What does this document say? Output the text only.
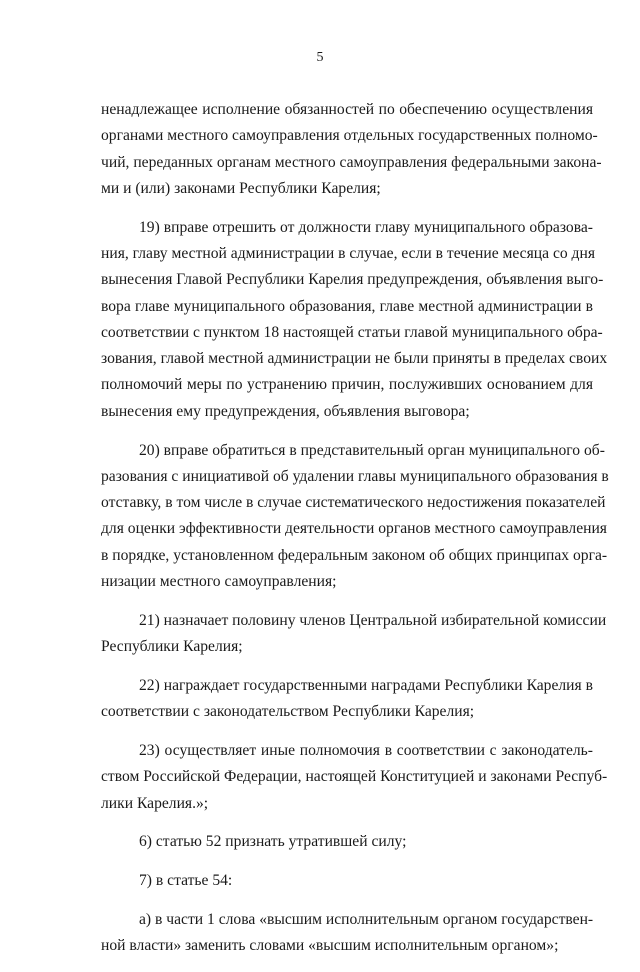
5

ненадлежащее исполнение обязанностей по обеспечению осуществления
органами местного самоуправления отдельных государственных полномо-
чий, переданных органам местного самоуправления федеральными закона-
ми и (или) законами Республики Карелия;

19) вправе отрешить от должности главу муниципального образова-
ния, главу местной администрации в случае, если в течение месяца со дня
вынесения Главой Республики Карелия предупреждения, объявления выго-
вора главе муниципального образования, главе местной администрации в
соответствии с пунктом 18 настоящей статьи главой муниципального обра-
зования, главой местной администрации не были приняты в пределах своих
полномочий меры по устранению причин, послуживших основанием для
вынесения ему предупреждения, объявления выговора;

20) вправе обратиться в представительный орган муниципального об-
разования с инициативой об удалении главы муниципального образования в
отставку, в том числе в случае систематического недостижения показателей
для оценки эффективности деятельности органов местного самоуправления
в порядке, установленном федеральным законом об общих принципах орга-
низации местного самоуправления;

21) назначает половину членов Центральной избирательной комиссии
Республики Карелия;

22) награждает государственными наградами Республики Карелия в
соответствии с законодательством Республики Карелия;

23) осуществляет иные полномочия в соответствии с законодатель-
ством Российской Федерации, настоящей Конституцией и законами Респуб-
лики Карелия.»;

6) статью 52 признать утратившей силу;

7) в статье 54:

а) в части 1 слова «высшим исполнительным органом государствен-
ной власти» заменить словами «высшим исполнительным органом»;
